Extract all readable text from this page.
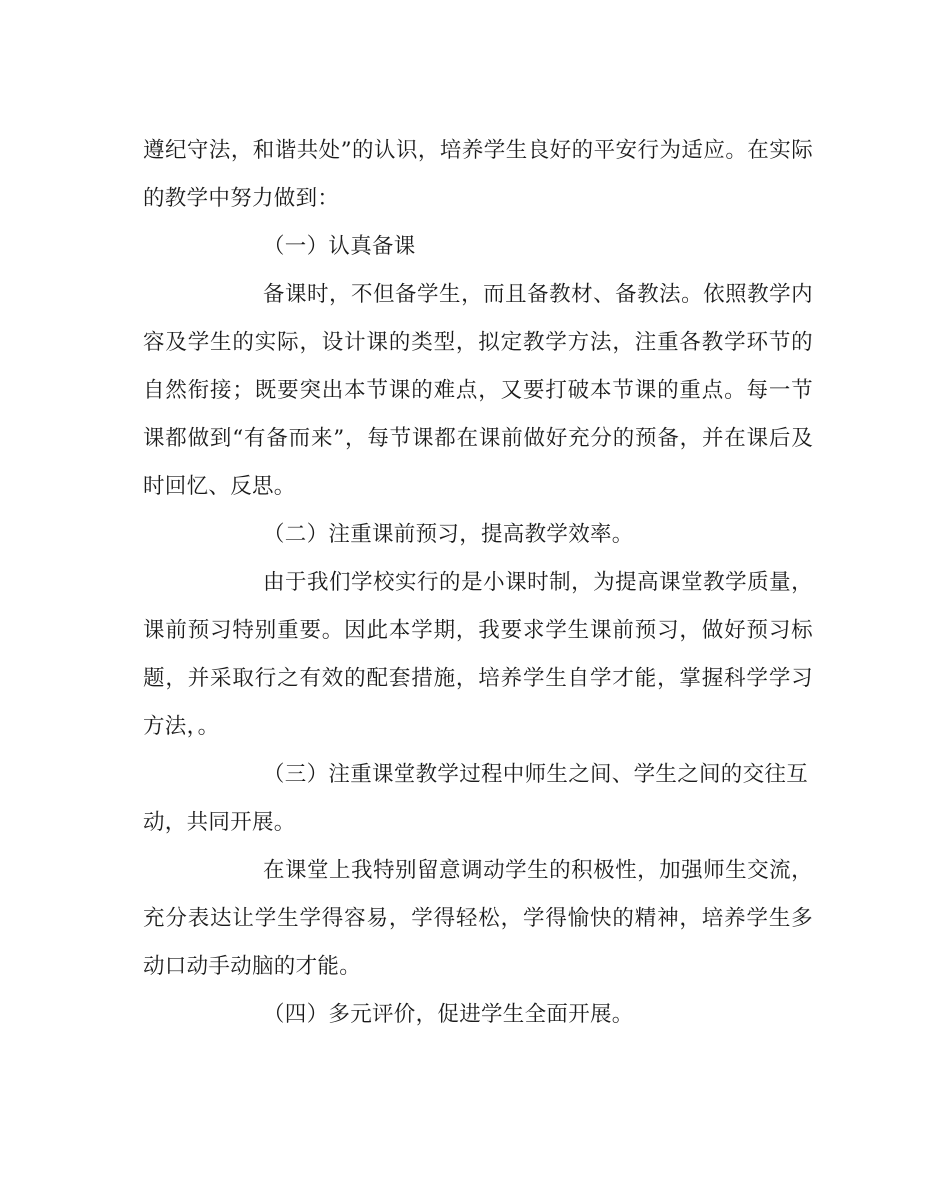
遵纪守法，和谐共处”的认识，培养学生良好的平安行为适应。在实际的教学中努力做到：

（一）认真备课

备课时，不但备学生，而且备教材、备教法。依照教学内容及学生的实际，设计课的类型，拟定教学方法，注重各教学环节的自然衔接；既要突出本节课的难点，又要打破本节课的重点。每一节课都做到“有备而来”，每节课都在课前做好充分的预备，并在课后及时回忆、反思。

（二）注重课前预习，提高教学效率。

由于我们学校实行的是小课时制，为提高课堂教学质量，课前预习特别重要。因此本学期，我要求学生课前预习，做好预习标题，并采取行之有效的配套措施，培养学生自学才能，掌握科学学习方法，。

（三）注重课堂教学过程中师生之间、学生之间的交往互动，共同开展。

在课堂上我特别留意调动学生的积极性，加强师生交流，充分表达让学生学得容易，学得轻松，学得愉快的精神，培养学生多动口动手动脑的才能。

（四）多元评价，促进学生全面开展。
